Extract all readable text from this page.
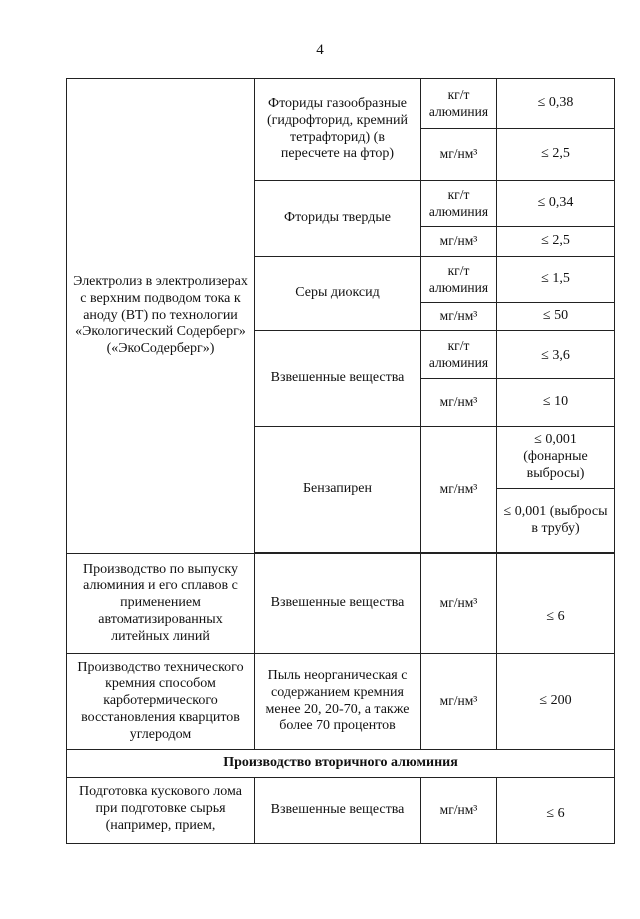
4
Электролиз в электролизерах с верхним подводом тока к аноду (ВТ) по технологии «Экологический Содерберг» («ЭкоСодерберг»)	Фториды газообразные (гидрофторид, кремний тетрафторид) (в пересчете на фтор)	кг/т алюминия	≤ 0,38
		мг/нм³	≤ 2,5
	Фториды твердые	кг/т алюминия	≤ 0,34
		мг/нм³	≤ 2,5
	Серы диоксид	кг/т алюминия	≤ 1,5
		мг/нм³	≤ 50
	Взвешенные вещества	кг/т алюминия	≤ 3,6
		мг/нм³	≤ 10
	Бензапирен	мг/нм³	≤ 0,001 (фонарные выбросы)
			≤ 0,001 (выбросы в трубу)

Производство по выпуску алюминия и его сплавов с применением автоматизированных литейных линий	Взвешенные вещества	мг/нм³	≤ 6
Производство технического кремния способом карботермического восстановления кварцитов углеродом	Пыль неорганическая с содержанием кремния менее 20, 20-70, а также более 70 процентов	мг/нм³	≤ 200
Производство вторичного алюминия			
Подготовка кускового лома при подготовке сырья (например, прием,	Взвешенные вещества	мг/нм³	≤ 6
